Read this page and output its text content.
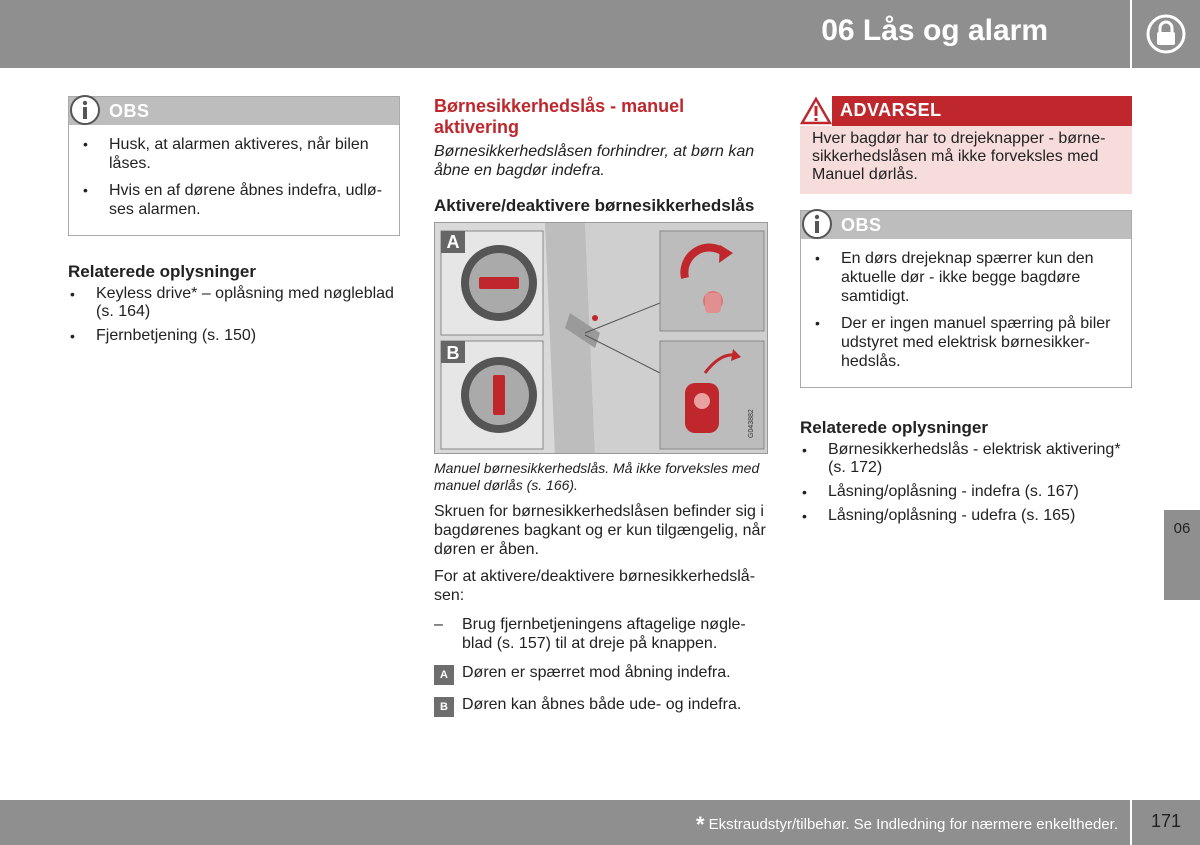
06 Lås og alarm
06
OBS
•	Husk, at alarmen aktiveres, når bilen låses.
•	Hvis en af dørene åbnes indefra, udlø-ses alarmen.
Relaterede oplysninger
•	Keyless drive* – oplåsning med nøgleblad (s. 164)
•	Fjernbetjening (s. 150)
Børnesikkerhedslås - manuel aktivering
Børnesikkerhedslåsen forhindrer, at børn kan åbne en bagdør indefra.
Aktivere/deaktivere børnesikkerhedslås
A
B
G043882
Manuel børnesikkerhedslås. Må ikke forveksles med manuel dørlås (s. 166).
Skruen for børnesikkerhedslåsen befinder sig i bagdørenes bagkant og er kun tilgængelig, når døren er åben.
For at aktivere/deaktivere børnesikkerhedslå-sen:
–	Brug fjernbetjeningens aftagelige nøgle-blad (s. 157) til at dreje på knappen.
A Døren er spærret mod åbning indefra.
B Døren kan åbnes både ude- og indefra.
ADVARSEL
Hver bagdør har to drejeknapper - børne-sikkerhedslåsen må ikke forveksles med Manuel dørlås.
OBS
•	En dørs drejeknap spærrer kun den aktuelle dør - ikke begge bagdøre samtidigt.
•	Der er ingen manuel spærring på biler udstyret med elektrisk børnesikker-hedslås.
Relaterede oplysninger
•	Børnesikkerhedslås - elektrisk aktivering* (s. 172)
•	Låsning/oplåsning - indefra (s. 167)
•	Låsning/oplåsning - udefra (s. 165)
* Ekstraudstyr/tilbehør. Se Indledning for nærmere enkeltheder.	171
